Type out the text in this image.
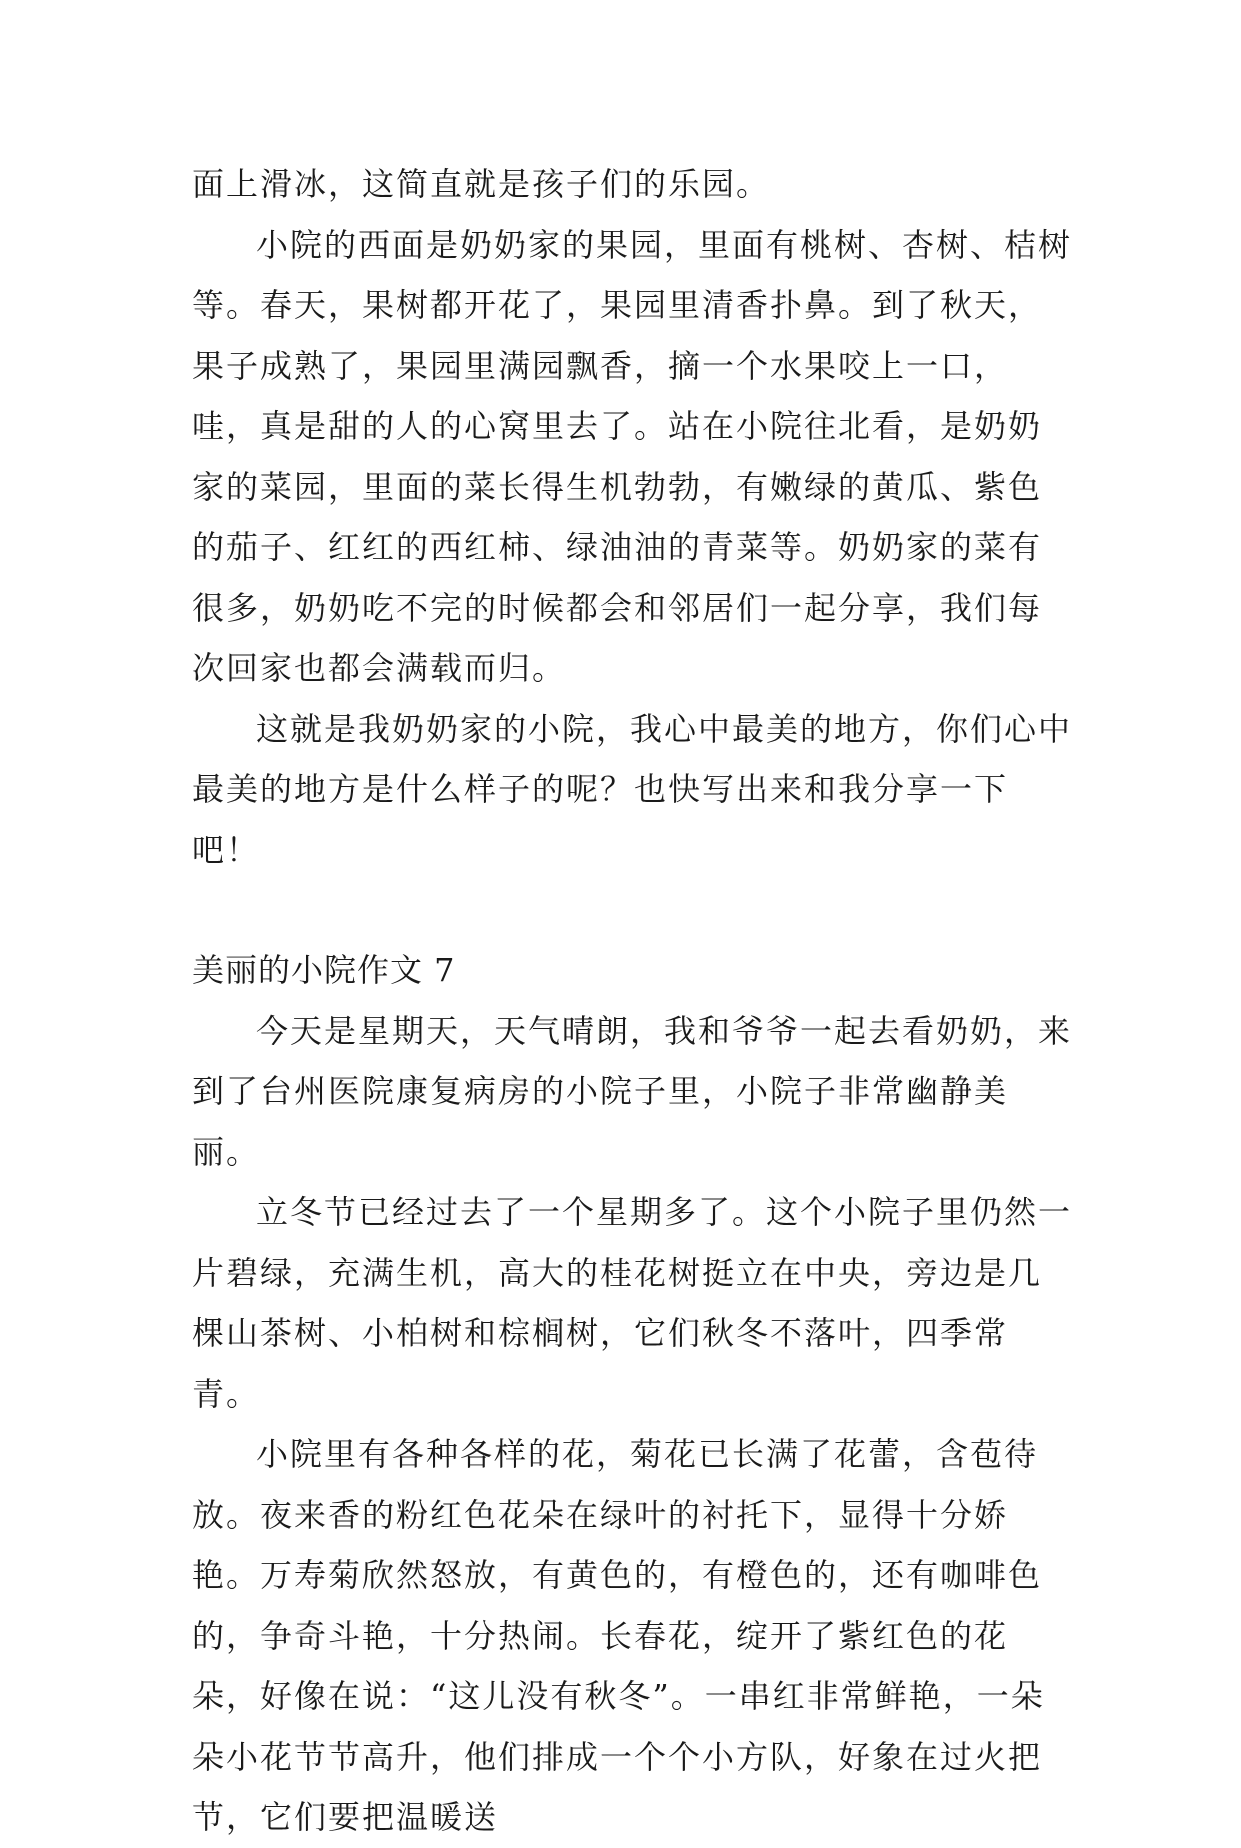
面上滑冰，这简直就是孩子们的乐园。

小院的西面是奶奶家的果园，里面有桃树、杏树、桔树等。春天，果树都开花了，果园里清香扑鼻。到了秋天，果子成熟了，果园里满园飘香，摘一个水果咬上一口，哇，真是甜的人的心窝里去了。站在小院往北看，是奶奶家的菜园，里面的菜长得生机勃勃，有嫩绿的黄瓜、紫色的茄子、红红的西红柿、绿油油的青菜等。奶奶家的菜有很多，奶奶吃不完的时候都会和邻居们一起分享，我们每次回家也都会满载而归。

这就是我奶奶家的小院，我心中最美的地方，你们心中最美的地方是什么样子的呢？也快写出来和我分享一下吧！

美丽的小院作文 7

今天是星期天，天气晴朗，我和爷爷一起去看奶奶，来到了台州医院康复病房的小院子里，小院子非常幽静美丽。

立冬节已经过去了一个星期多了。这个小院子里仍然一片碧绿，充满生机，高大的桂花树挺立在中央，旁边是几棵山茶树、小柏树和棕榈树，它们秋冬不落叶，四季常青。

小院里有各种各样的花，菊花已长满了花蕾，含苞待放。夜来香的粉红色花朵在绿叶的衬托下，显得十分娇艳。万寿菊欣然怒放，有黄色的，有橙色的，还有咖啡色的，争奇斗艳，十分热闹。长春花，绽开了紫红色的花朵，好像在说：“这儿没有秋冬”。一串红非常鲜艳，一朵朵小花节节高升，他们排成一个个小方队，好象在过火把节，它们要把温暖送
